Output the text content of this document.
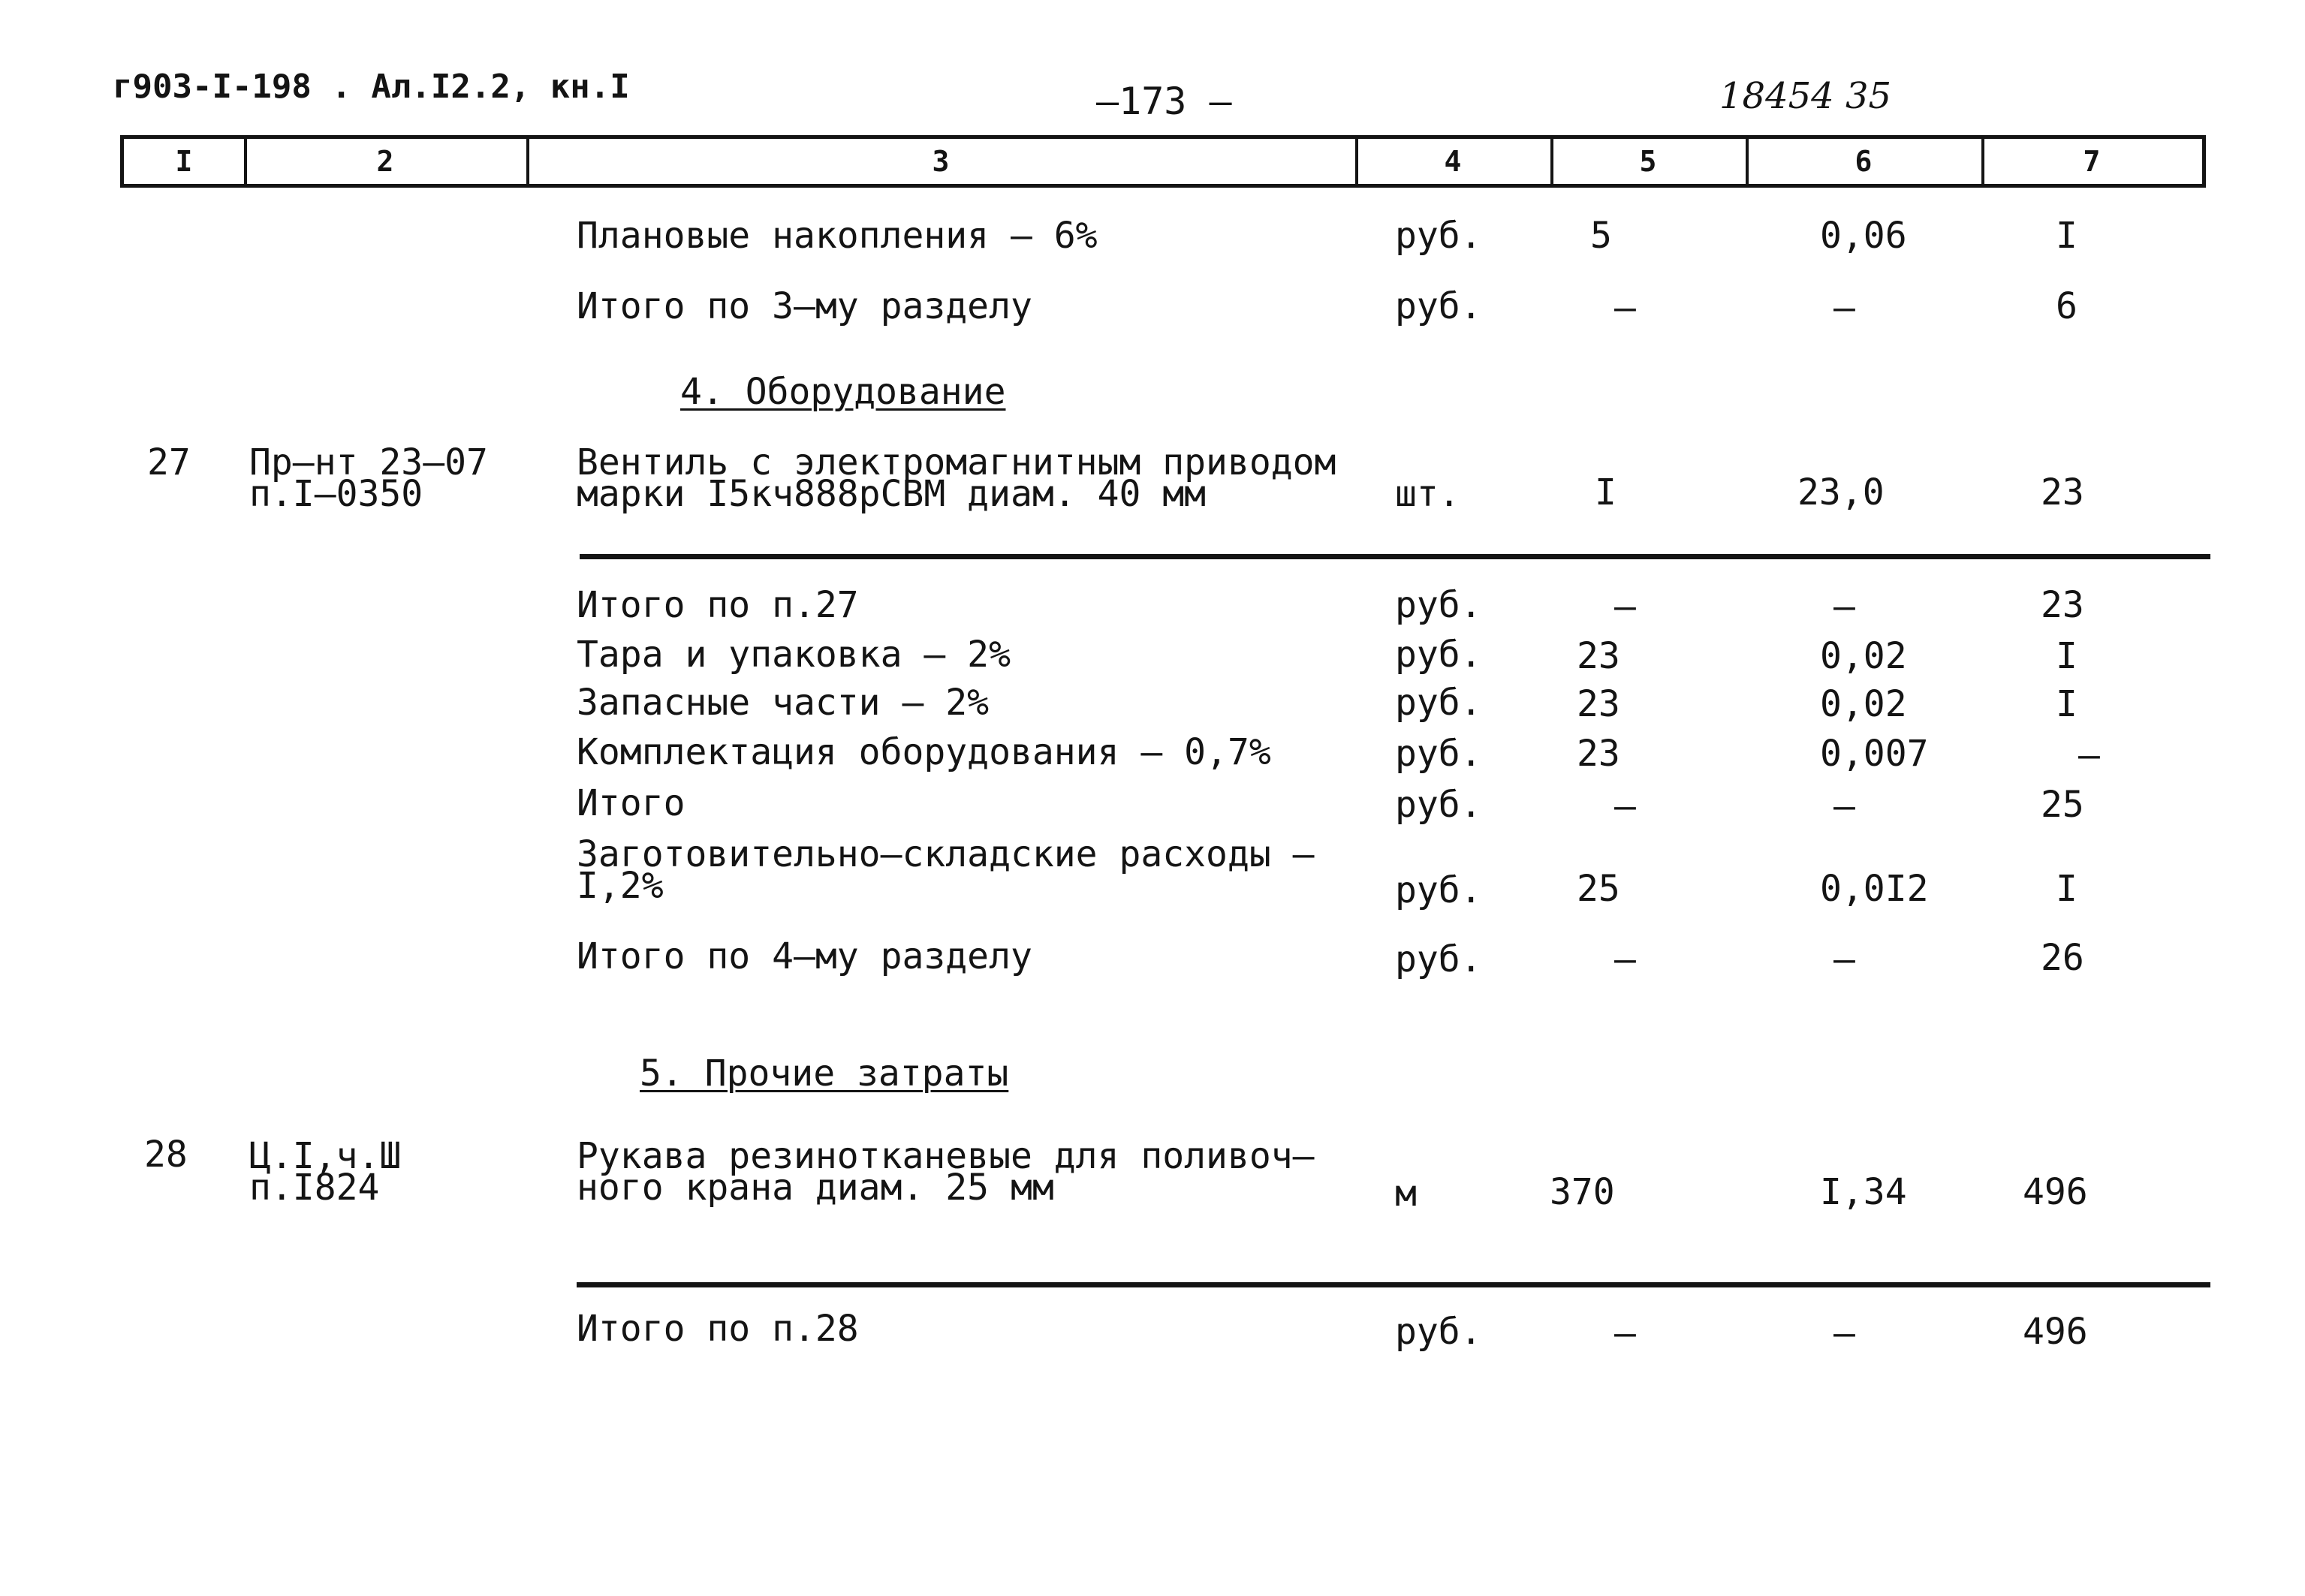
г903-I-198 . Ал.I2.2, кн.I	—173 —	18454 35
I	2	3	4	5	6	7
Плановые накопления – 6%	руб.	5	0,06	I
Итого по 3–му разделу	руб.	–	–	6
4. Оборудование
27 Пр–нт 23–07
п.I–0350
Вентиль с электромагнитным приводом
марки I5кч888рСВМ диам. 40 мм	шт.	I	23,0	23
Итого по п.27	руб.	–	–	23
Тара и упаковка – 2%	руб.	23	0,02	I
Запасные части – 2%	руб.	23	0,02	I
Комплектация оборудования – 0,7%	руб.	23	0,007	–
Итого	руб.	–	–	25
Заготовительно–складские расходы –
I,2%	руб.	25	0,0I2	I
Итого по 4–му разделу	руб.	–	–	26
5. Прочие затраты
28 Ц.I,ч.Ш
п.I824
Рукава резинотканевые для поливоч–
ного крана диам. 25 мм	м	370	I,34	496
Итого по п.28	руб.	–	–	496
